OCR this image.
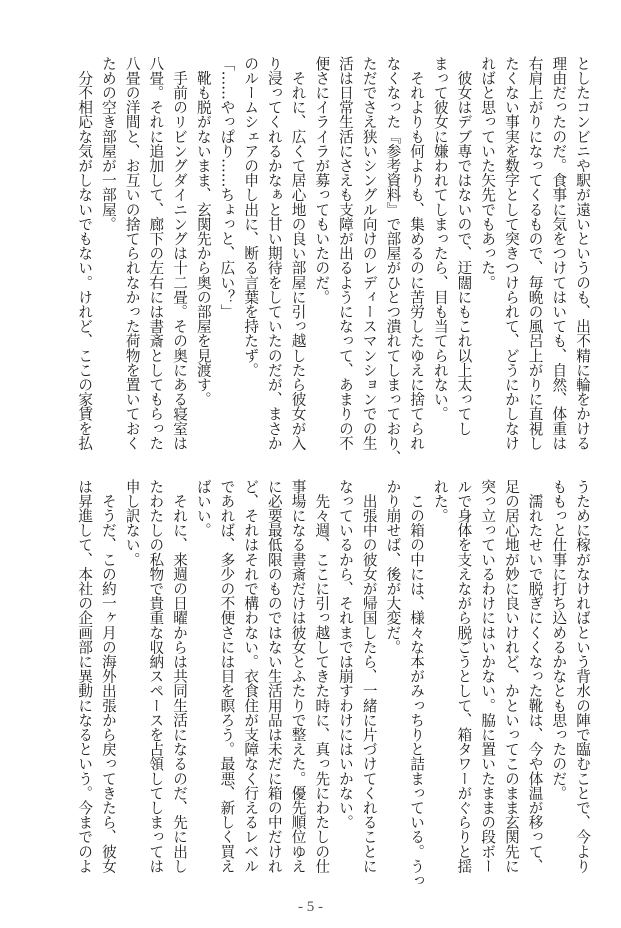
としたコンビニや駅が遠いというのも、出不精に輪をかける
理由だったのだ。食事に気をつけてはいても、自然、体重は
右肩上がりになってくるもので、毎晩の風呂上がりに直視し
たくない事実を数字として突きつけられて、どうにかしなけ
ればと思っていた矢先でもあった。
　彼女はデブ専ではないので、迂闊にもこれ以上太ってし
まって彼女に嫌われてしまったら、目も当てられない。
　それよりも何よりも、集めるのに苦労したゆえに捨てられ
なくなった『参考資料』で部屋がひとつ潰れてしまっており、
ただでさえ狭いシングル向けのレディースマンションでの生
活は日常生活にさえも支障が出るようになって、あまりの不
便さにイライラが募ってもいたのだ。
　それに、広くて居心地の良い部屋に引っ越したら彼女が入
り浸ってくれるかなぁと甘い期待をしていたのだが、まさか
のルームシェアの申し出に、断る言葉を持たず。
「……やっぱり……ちょっと、広い？」
　靴も脱がないまま、玄関先から奥の部屋を見渡す。
　手前のリビングダイニングは十二畳。その奥にある寝室は
八畳。それに追加して、廊下の左右には書斎としてもらった
八畳の洋間と、お互いの捨てられなかった荷物を置いておく
ための空き部屋が一部屋。
　分不相応な気がしないでもない。けれど、ここの家賃を払
うために稼がなければという背水の陣で臨むことで、今より
ももっと仕事に打ち込めるかなとも思ったのだ。
　濡れたせいで脱ぎにくくなった靴は、今や体温が移って、
足の居心地が妙に良いけれど、かといってこのまま玄関先に
突っ立っているわけにはいかない。脇に置いたままの段ボー
ルで身体を支えながら脱ごうとして、箱タワーがぐらりと揺
れた。
　この箱の中には、様々な本がみっちりと詰まっている。うっ
かり崩せば、後が大変だ。
　出張中の彼女が帰国したら、一緒に片づけてくれることに
なっているから、それまでは崩すわけにはいかない。
　先々週、ここに引っ越してきた時に、真っ先にわたしの仕
事場になる書斎だけは彼女とふたりで整えた。優先順位ゆえ
に必要最低限のものではない生活用品は未だに箱の中だけれ
ど、それはそれで構わない。衣食住が支障なく行えるレベル
であれば、多少の不便さには目を瞑ろう。最悪、新しく買え
ばいい。
　それに、来週の日曜からは共同生活になるのだ、先に出し
たわたしの私物で貴重な収納スペースを占領してしまっては
申し訳ない。
　そうだ、この約一ヶ月の海外出張から戻ってきたら、彼女
は昇進して、本社の企画部に異動になるという。今までのよ
- 5 -
